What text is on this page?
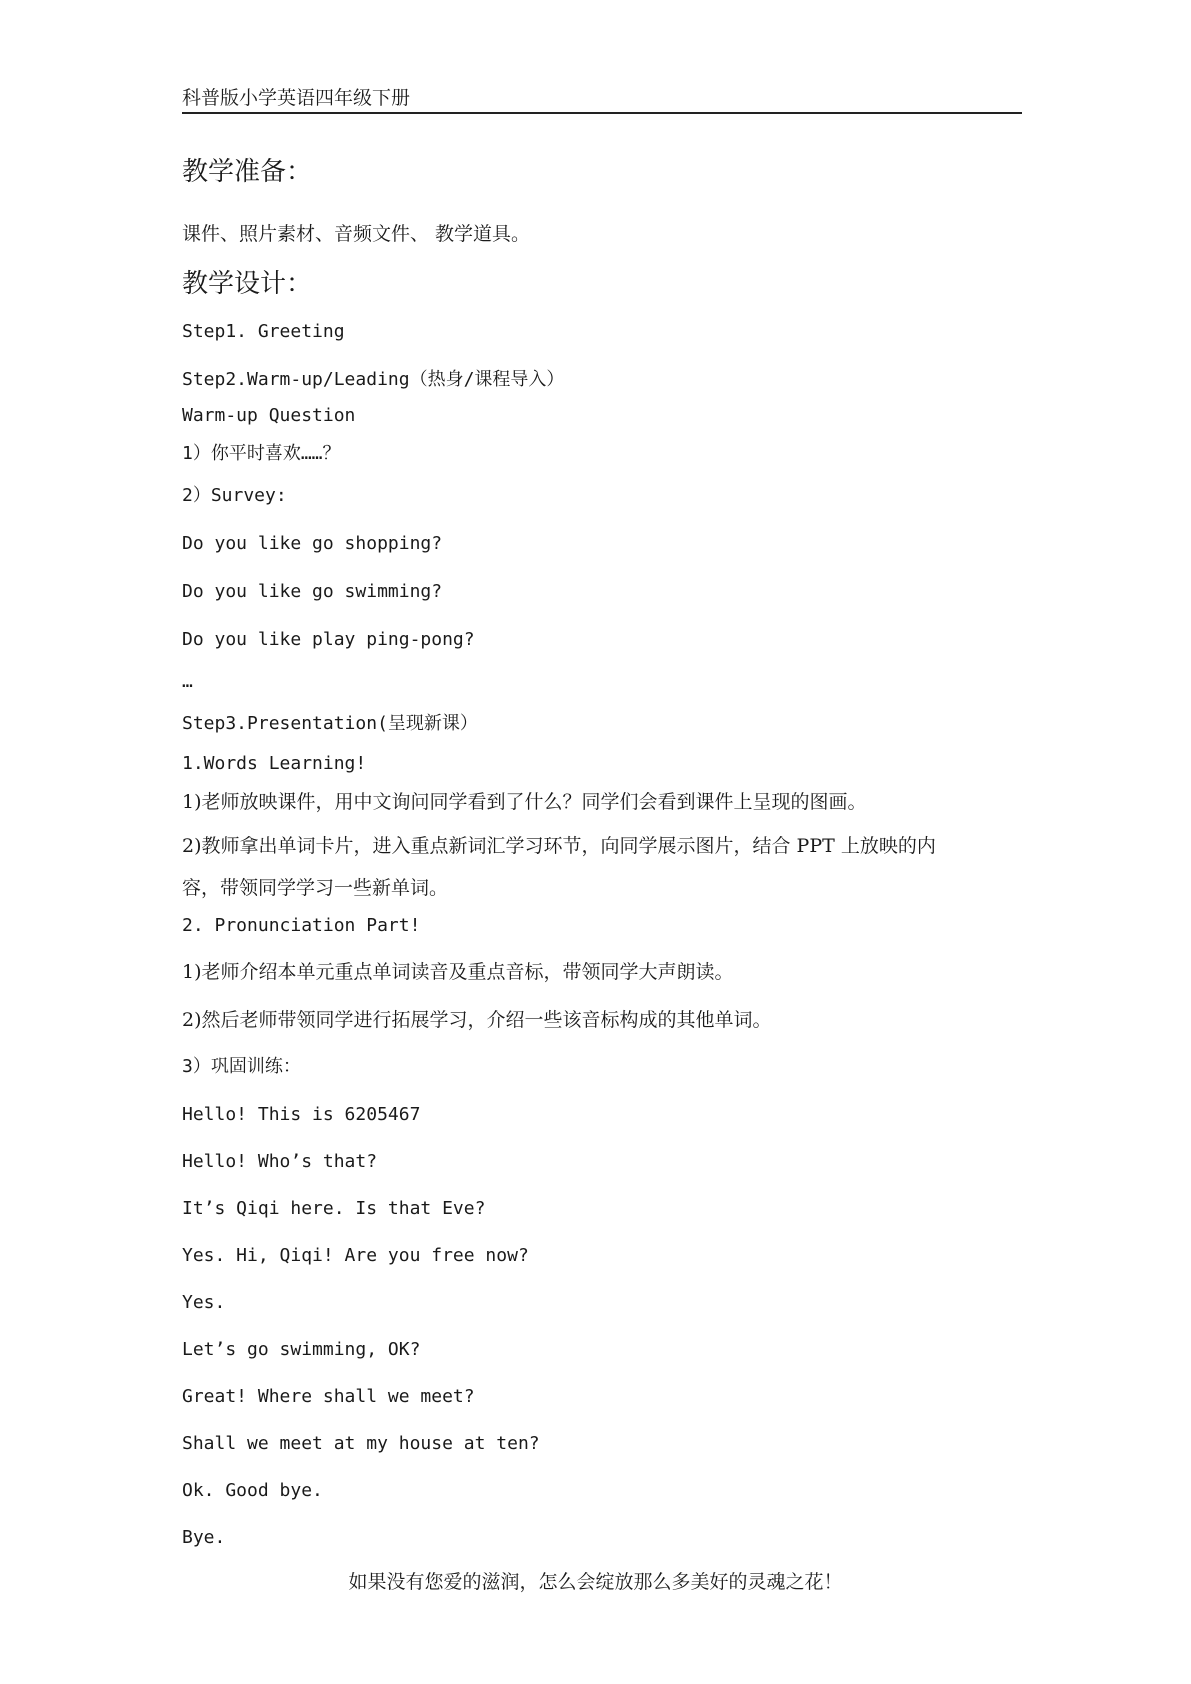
科普版小学英语四年级下册
教学准备：
课件、照片素材、音频文件、 教学道具。
教学设计：
Step1. Greeting
Step2.Warm-up/Leading（热身/课程导入）
Warm-up Question
1）你平时喜欢……？
2）Survey:
Do you like go shopping?
Do you like go swimming?
Do you like play ping-pong?
…
Step3.Presentation(呈现新课）
1.Words Learning!
1)老师放映课件，用中文询问同学看到了什么？同学们会看到课件上呈现的图画。
2)教师拿出单词卡片，进入重点新词汇学习环节，向同学展示图片，结合 PPT 上放映的内
容，带领同学学习一些新单词。
2. Pronunciation Part!
1)老师介绍本单元重点单词读音及重点音标，带领同学大声朗读。
2)然后老师带领同学进行拓展学习，介绍一些该音标构成的其他单词。
3）巩固训练：
Hello! This is 6205467
Hello! Who’s that?
It’s Qiqi here. Is that Eve?
Yes. Hi, Qiqi! Are you free now?
Yes.
Let’s go swimming, OK?
Great! Where shall we meet?
Shall we meet at my house at ten?
Ok. Good bye.
Bye.
如果没有您爱的滋润，怎么会绽放那么多美好的灵魂之花！
